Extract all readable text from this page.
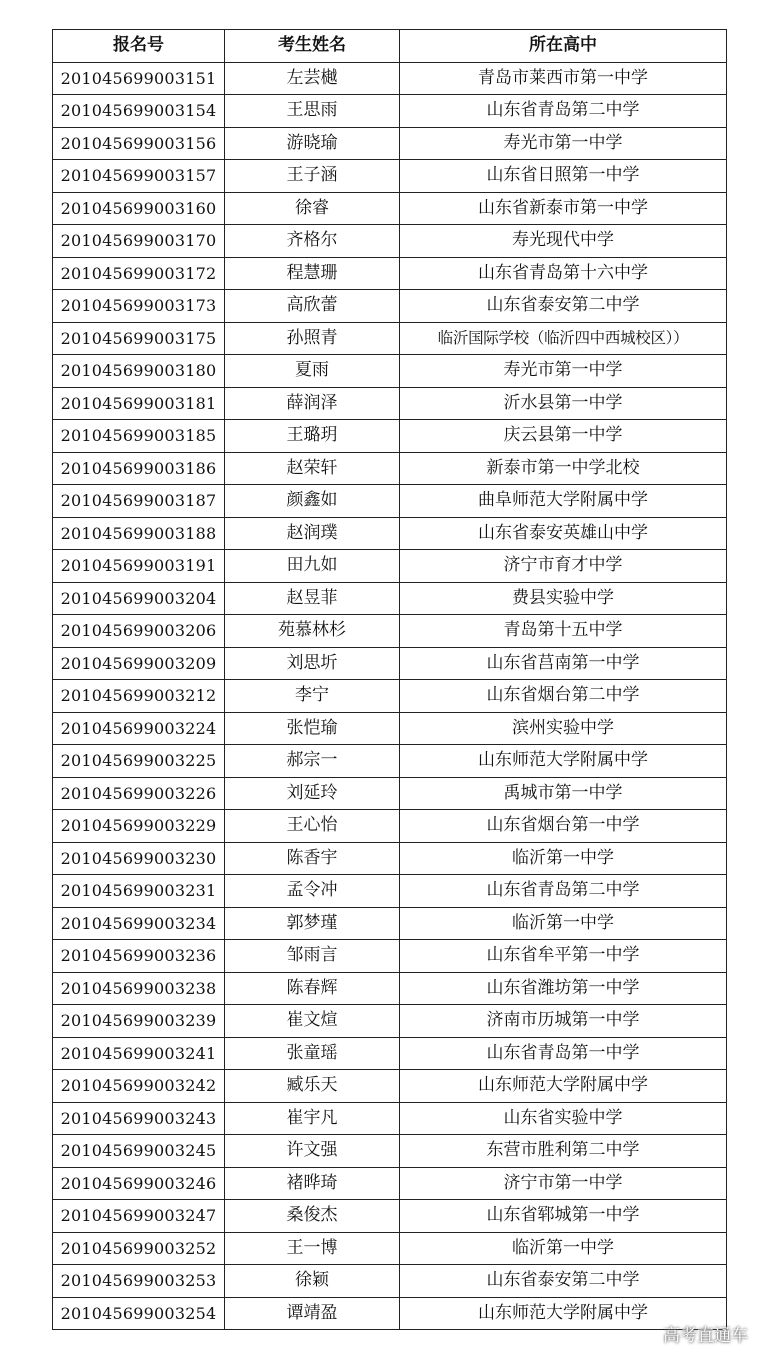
报名号	考生姓名	所在高中
201045699003151	左芸樾	青岛市莱西市第一中学
201045699003154	王思雨	山东省青岛第二中学
201045699003156	游晓瑜	寿光市第一中学
201045699003157	王子涵	山东省日照第一中学
201045699003160	徐睿	山东省新泰市第一中学
201045699003170	齐格尔	寿光现代中学
201045699003172	程慧珊	山东省青岛第十六中学
201045699003173	高欣蕾	山东省泰安第二中学
201045699003175	孙照青	临沂国际学校（临沂四中西城校区））
201045699003180	夏雨	寿光市第一中学
201045699003181	薛润泽	沂水县第一中学
201045699003185	王璐玥	庆云县第一中学
201045699003186	赵荣轩	新泰市第一中学北校
201045699003187	颜鑫如	曲阜师范大学附属中学
201045699003188	赵润璞	山东省泰安英雄山中学
201045699003191	田九如	济宁市育才中学
201045699003204	赵昱菲	费县实验中学
201045699003206	苑慕林杉	青岛第十五中学
201045699003209	刘思圻	山东省莒南第一中学
201045699003212	李宁	山东省烟台第二中学
201045699003224	张恺瑜	滨州实验中学
201045699003225	郝宗一	山东师范大学附属中学
201045699003226	刘延玲	禹城市第一中学
201045699003229	王心怡	山东省烟台第一中学
201045699003230	陈香宇	临沂第一中学
201045699003231	孟令冲	山东省青岛第二中学
201045699003234	郭梦瑾	临沂第一中学
201045699003236	邹雨言	山东省牟平第一中学
201045699003238	陈春辉	山东省潍坊第一中学
201045699003239	崔文煊	济南市历城第一中学
201045699003241	张童瑶	山东省青岛第一中学
201045699003242	臧乐天	山东师范大学附属中学
201045699003243	崔宇凡	山东省实验中学
201045699003245	许文强	东营市胜利第二中学
201045699003246	褚晔琦	济宁市第一中学
201045699003247	桑俊杰	山东省郓城第一中学
201045699003252	王一博	临沂第一中学
201045699003253	徐颖	山东省泰安第二中学
201045699003254	谭靖盈	山东师范大学附属中学
高考直通车
